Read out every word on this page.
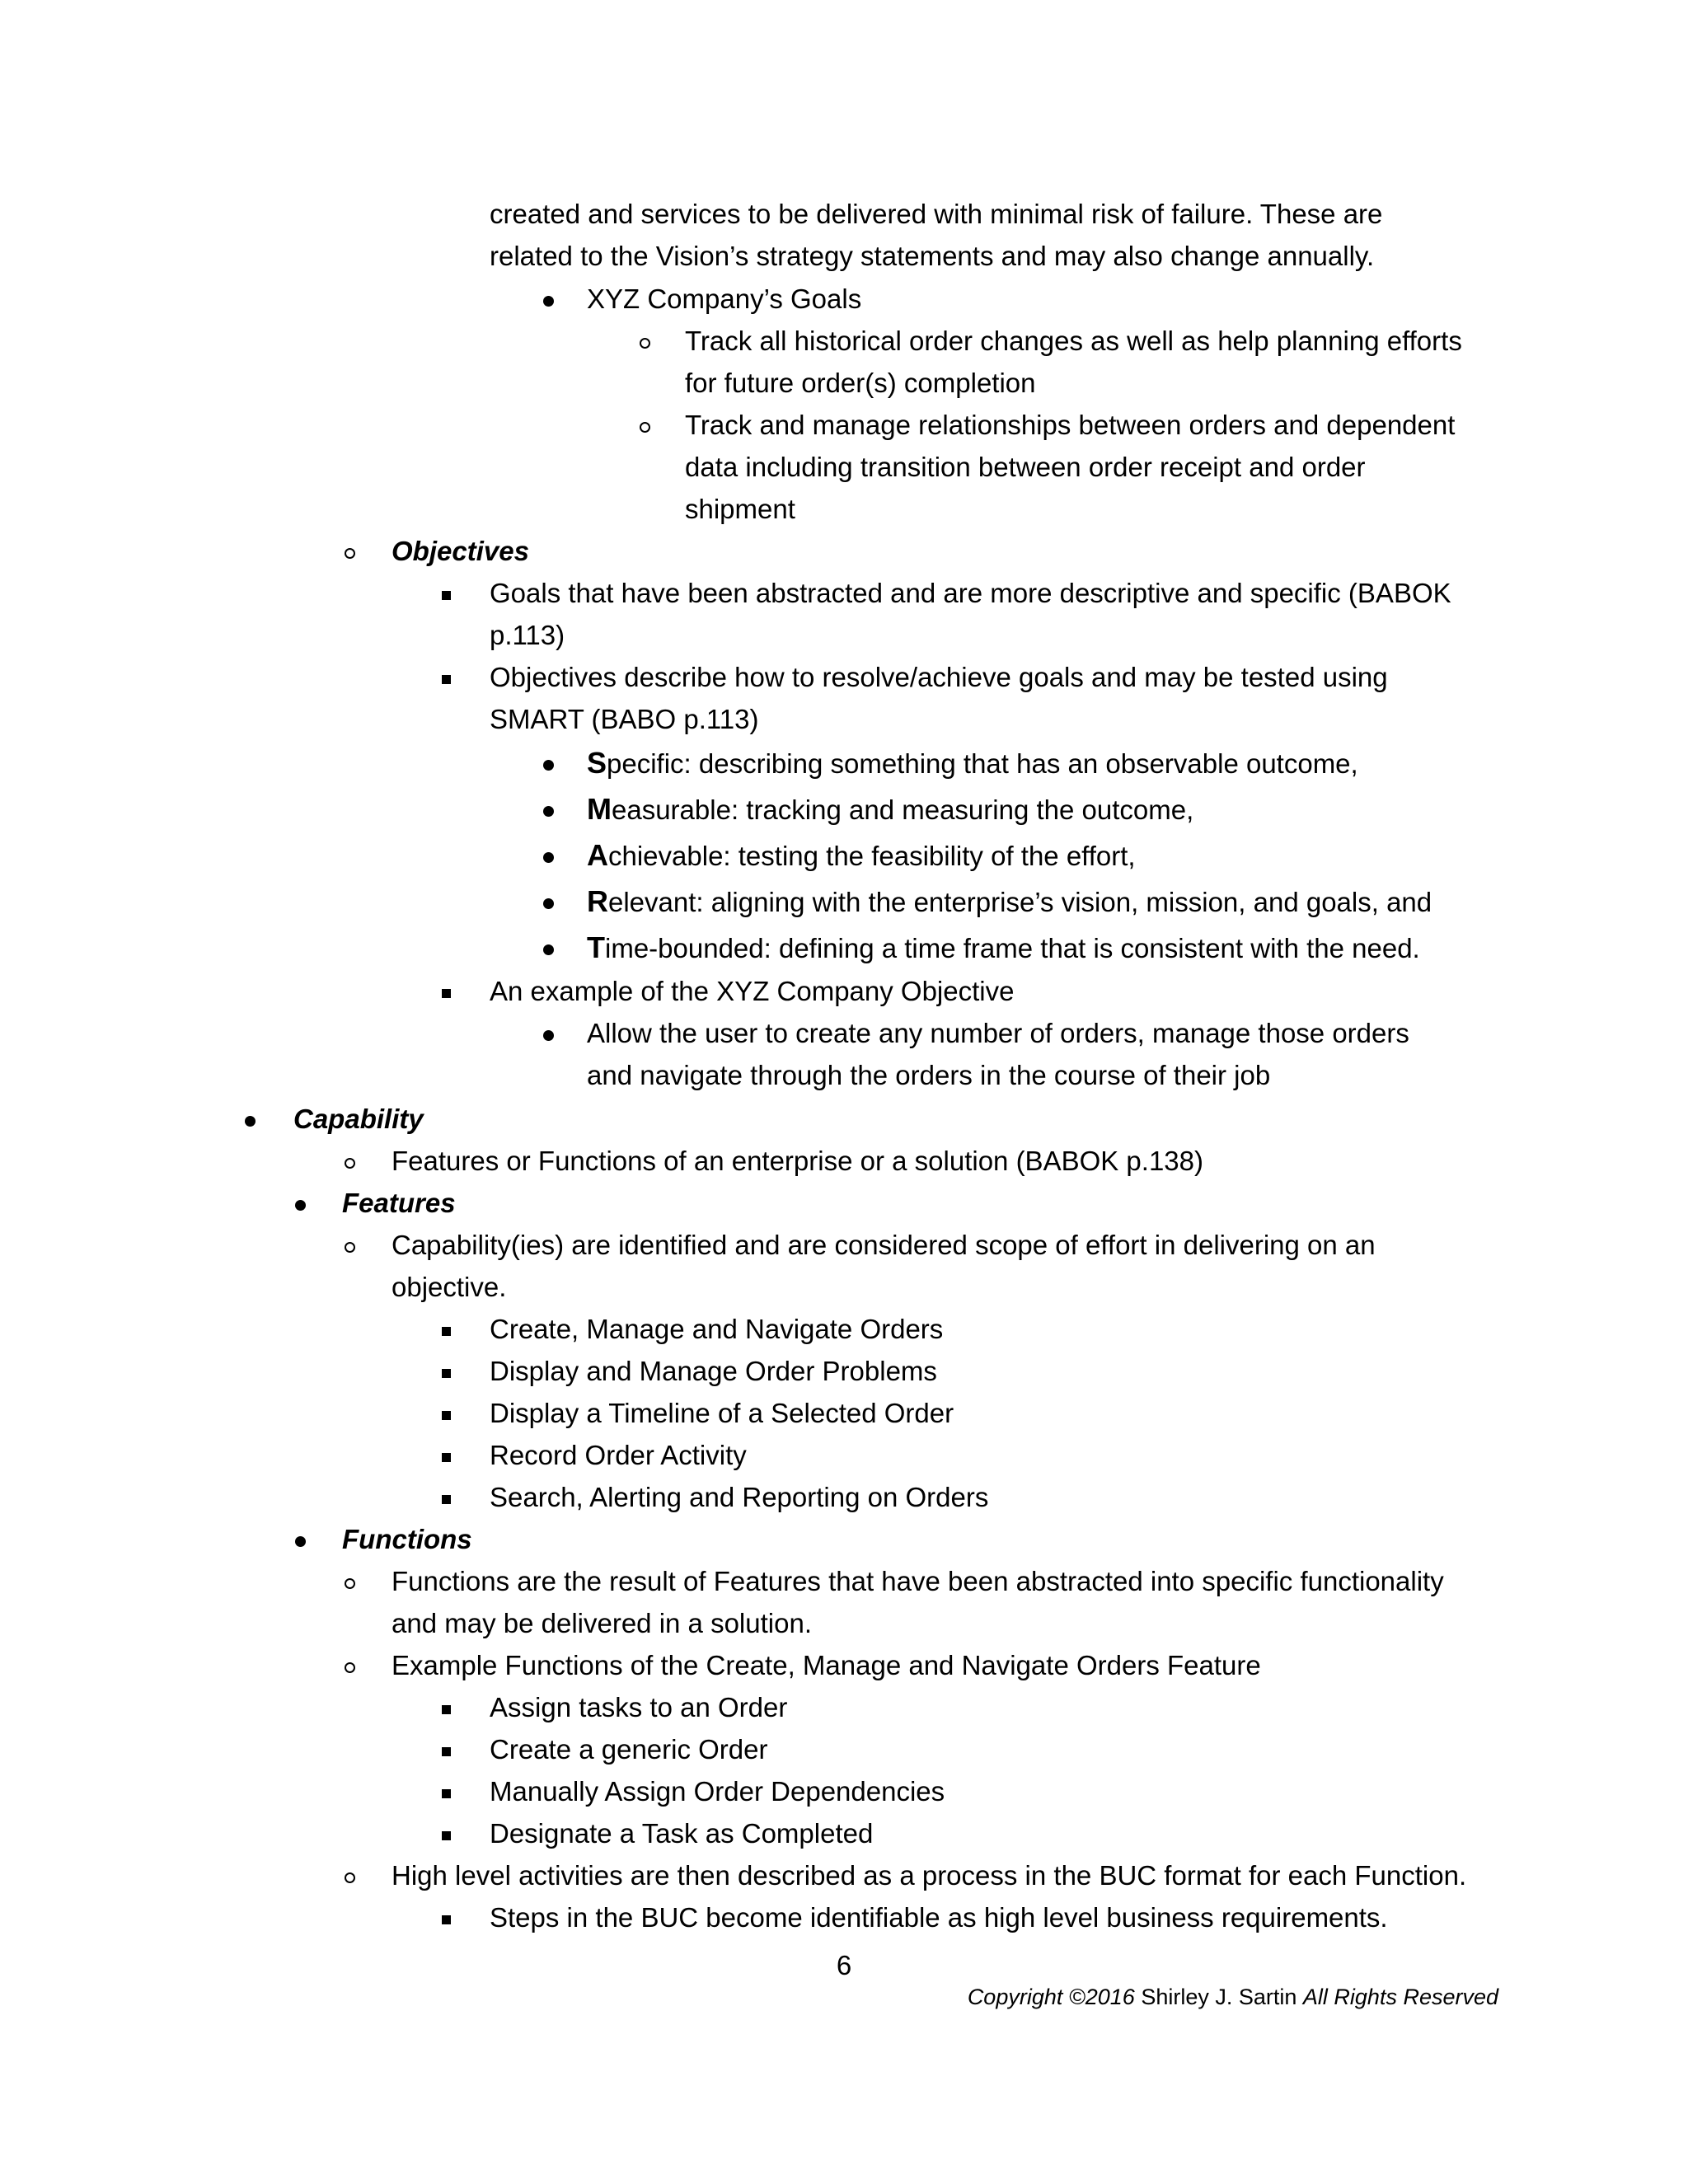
created and services to be delivered with minimal risk of failure. These are
related to the Vision’s strategy statements and may also change annually.
XYZ Company’s Goals
Track all historical order changes as well as help planning efforts
for future order(s) completion
Track and manage relationships between orders and dependent
data including transition between order receipt and order
shipment
Objectives
Goals that have been abstracted and are more descriptive and specific (BABOK
p.113)
Objectives describe how to resolve/achieve goals and may be tested using
SMART (BABO p.113)
Specific: describing something that has an observable outcome,
Measurable: tracking and measuring the outcome,
Achievable: testing the feasibility of the effort,
Relevant: aligning with the enterprise’s vision, mission, and goals, and
Time-bounded: defining a time frame that is consistent with the need.
An example of the XYZ Company Objective
Allow the user to create any number of orders, manage those orders
and navigate through the orders in the course of their job
Capability
Features or Functions of an enterprise or a solution (BABOK p.138)
Features
Capability(ies) are identified and are considered scope of effort in delivering on an
objective.
Create, Manage and Navigate Orders
Display and Manage Order Problems
Display a Timeline of a Selected Order
Record Order Activity
Search, Alerting and Reporting on Orders
Functions
Functions are the result of Features that have been abstracted into specific functionality
and may be delivered in a solution.
Example Functions of the Create, Manage and Navigate Orders Feature
Assign tasks to an Order
Create a generic Order
Manually Assign Order Dependencies
Designate a Task as Completed
High level activities are then described as a process in the BUC format for each Function.
Steps in the BUC become identifiable as high level business requirements.
6
Copyright ©2016 Shirley J. Sartin All Rights Reserved
